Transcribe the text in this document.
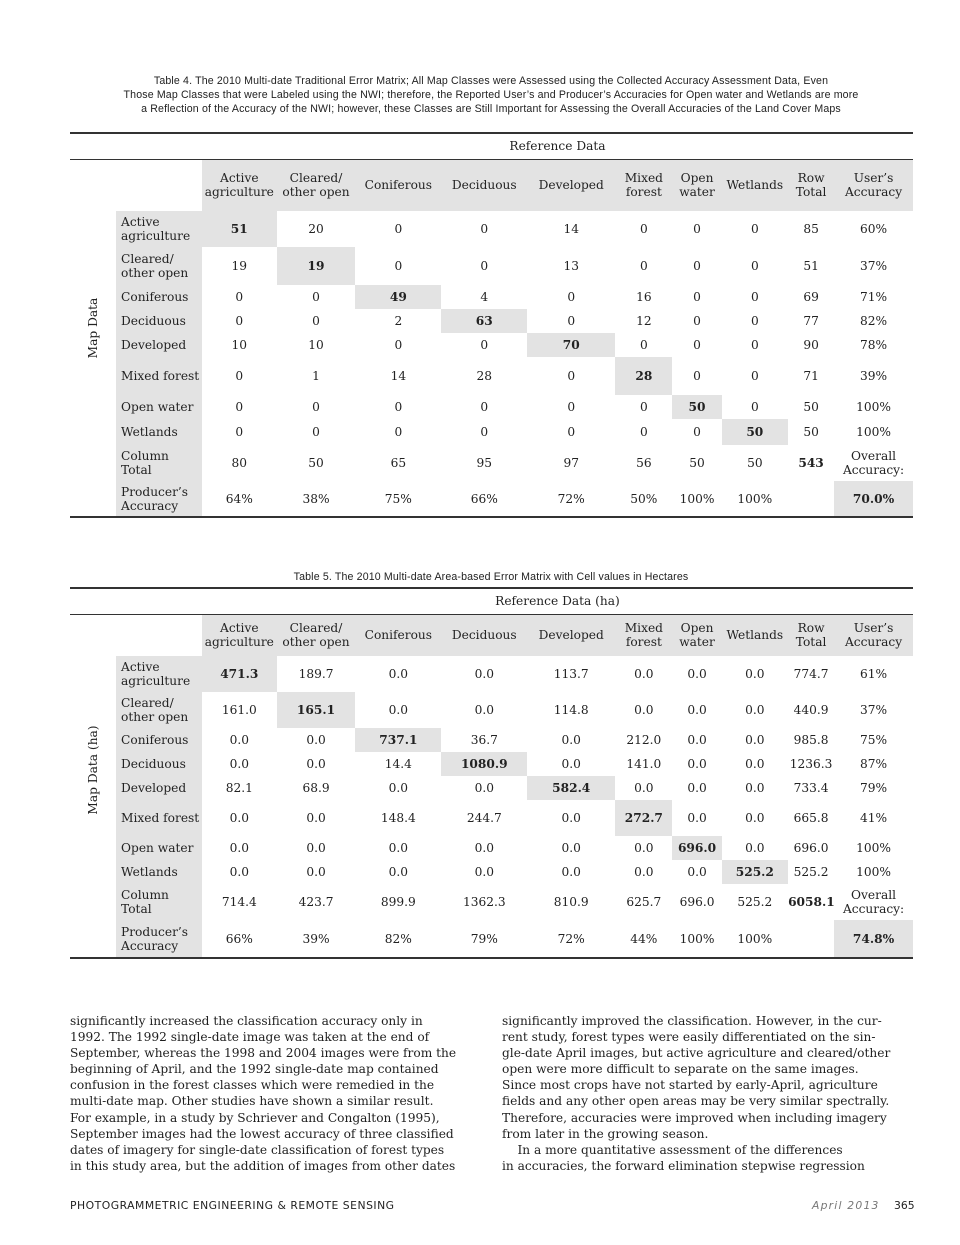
Table 4. The 2010 Multi-date Traditional Error Matrix; All Map Classes were Assessed using the Collected Accuracy Assessment Data, Even
Those Map Classes that were Labeled using the NWI; therefore, the Reported User’s and Producer’s Accuracies for Open water and Wetlands are more
a Reflection of the Accuracy of the NWI; however, these Classes are Still Important for Assessing the Overall Accuracies of the Land Cover Maps
		Reference Data									
		Active agriculture	Cleared/ other open	Coniferous	Deciduous	Developed	Mixed forest	Open water	Wetlands	Row Total	User’s Accuracy

Map Data	Active agriculture	51	20	0	0	14	0	0	0	85	60%
	Cleared/ other open	19	19	0	0	13	0	0	0	51	37%
	Coniferous	0	0	49	4	0	16	0	0	69	71%
	Deciduous	0	0	2	63	0	12	0	0	77	82%
	Developed	10	10	0	0	70	0	0	0	90	78%
	Mixed forest	0	1	14	28	0	28	0	0	71	39%
	Open water	0	0	0	0	0	0	50	0	50	100%
	Wetlands	0	0	0	0	0	0	0	50	50	100%
	Column Total	80	50	65	95	97	56	50	50	543	Overall Accuracy:
	Producer’s Accuracy	64%	38%	75%	66%	72%	50%	100%	100%		70.0%
Table 5. The 2010 Multi-date Area-based Error Matrix with Cell values in Hectares
		Reference Data (ha)									
		Active agriculture	Cleared/ other open	Coniferous	Deciduous	Developed	Mixed forest	Open water	Wetlands	Row Total	User’s Accuracy

Map Data (ha)	Active agriculture	471.3	189.7	0.0	0.0	113.7	0.0	0.0	0.0	774.7	61%
	Cleared/ other open	161.0	165.1	0.0	0.0	114.8	0.0	0.0	0.0	440.9	37%
	Coniferous	0.0	0.0	737.1	36.7	0.0	212.0	0.0	0.0	985.8	75%
	Deciduous	0.0	0.0	14.4	1080.9	0.0	141.0	0.0	0.0	1236.3	87%
	Developed	82.1	68.9	0.0	0.0	582.4	0.0	0.0	0.0	733.4	79%
	Mixed forest	0.0	0.0	148.4	244.7	0.0	272.7	0.0	0.0	665.8	41%
	Open water	0.0	0.0	0.0	0.0	0.0	0.0	696.0	0.0	696.0	100%
	Wetlands	0.0	0.0	0.0	0.0	0.0	0.0	0.0	525.2	525.2	100%
	Column Total	714.4	423.7	899.9	1362.3	810.9	625.7	696.0	525.2	6058.1	Overall Accuracy:
	Producer’s Accuracy	66%	39%	82%	79%	72%	44%	100%	100%		74.8%
significantly increased the classification accuracy only in
1992. The 1992 single-date image was taken at the end of
September, whereas the 1998 and 2004 images were from the
beginning of April, and the 1992 single-date map contained
confusion in the forest classes which were remedied in the
multi-date map. Other studies have shown a similar result.
For example, in a study by Schriever and Congalton (1995),
September images had the lowest accuracy of three classified
dates of imagery for single-date classification of forest types
in this study area, but the addition of images from other dates
significantly improved the classification. However, in the cur-
rent study, forest types were easily differentiated on the sin-
gle-date April images, but active agriculture and cleared/other
open were more difficult to separate on the same images.
Since most crops have not started by early-April, agriculture
fields and any other open areas may be very similar spectrally.
Therefore, accuracies were improved when including imagery
from later in the growing season.
In a more quantitative assessment of the differences
in accuracies, the forward elimination stepwise regression
PHOTOGRAMMETRIC ENGINEERING & REMOTE SENSING	April 2013 365
